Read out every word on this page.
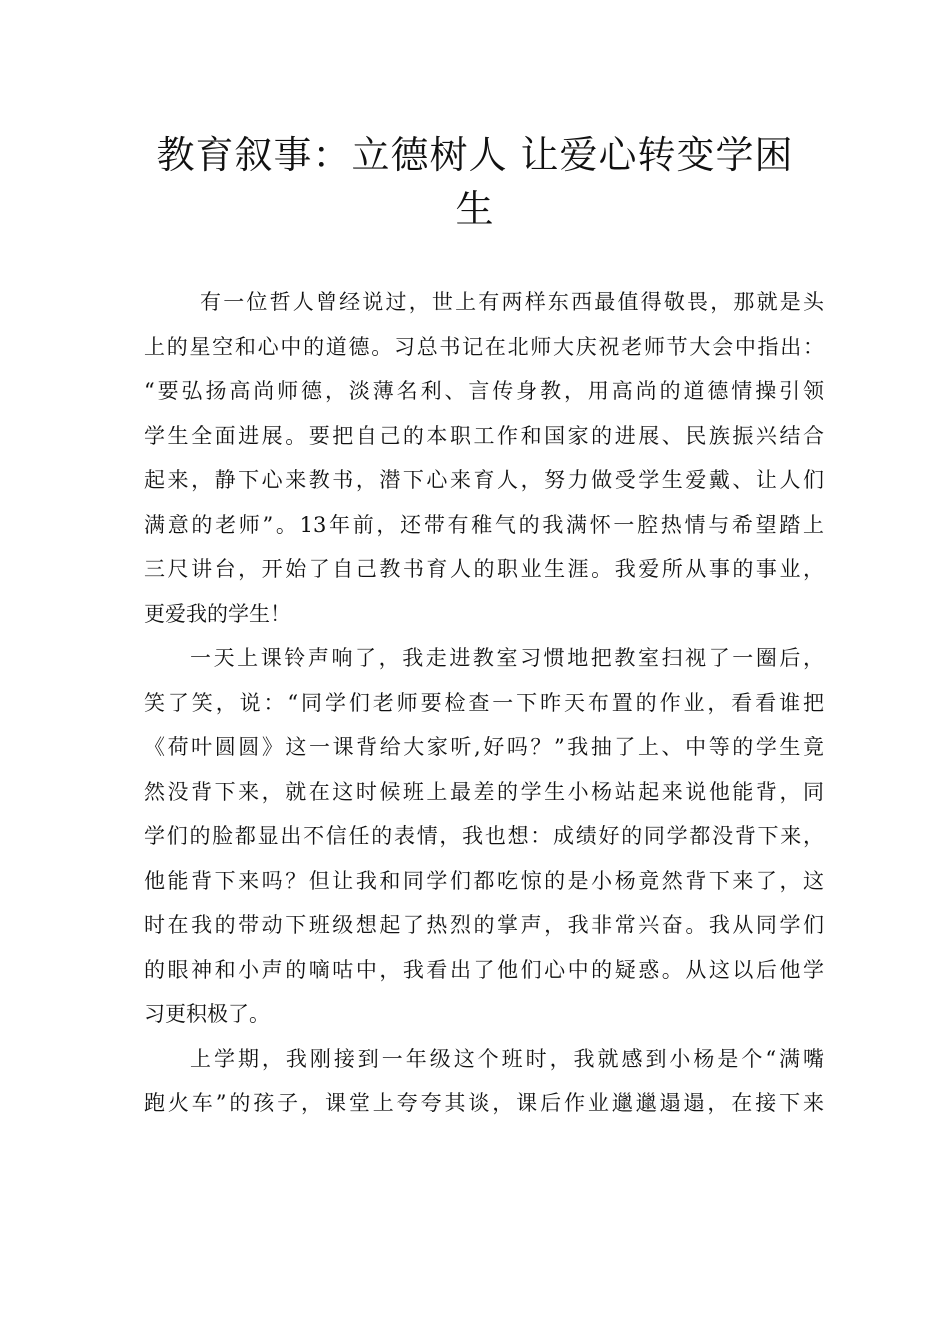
教育叙事：立德树人 让爱心转变学困生
有一位哲人曾经说过，世上有两样东西最值得敬畏，那就是头
上的星空和心中的道德。习总书记在北师大庆祝老师节大会中指出：
“要弘扬高尚师德，淡薄名利、言传身教，用高尚的道德情操引领
学生全面进展。要把自己的本职工作和国家的进展、民族振兴结合
起来，静下心来教书，潜下心来育人，努力做受学生爱戴、让人们
满意的老师”。13年前，还带有稚气的我满怀一腔热情与希望踏上
三尺讲台，开始了自己教书育人的职业生涯。我爱所从事的事业，
更爱我的学生！
一天上课铃声响了，我走进教室习惯地把教室扫视了一圈后，
笑了笑，说：“同学们老师要检查一下昨天布置的作业，看看谁把
《荷叶圆圆》这一课背给大家听,好吗？”我抽了上、中等的学生竟
然没背下来，就在这时候班上最差的学生小杨站起来说他能背，同
学们的脸都显出不信任的表情，我也想：成绩好的同学都没背下来，
他能背下来吗？但让我和同学们都吃惊的是小杨竟然背下来了，这
时在我的带动下班级想起了热烈的掌声，我非常兴奋。我从同学们
的眼神和小声的嘀咕中，我看出了他们心中的疑惑。从这以后他学
习更积极了。
上学期，我刚接到一年级这个班时，我就感到小杨是个“满嘴
跑火车”的孩子，课堂上夸夸其谈，课后作业邋邋遢遢，在接下来
